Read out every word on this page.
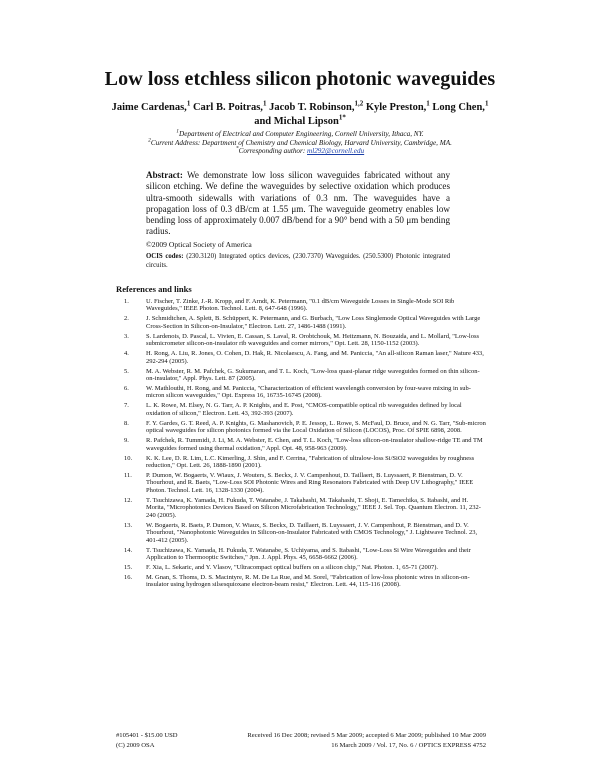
Low loss etchless silicon photonic waveguides
Jaime Cardenas,$^1$ Carl B. Poitras,$^1$ Jacob T. Robinson,$^{1,2}$ Kyle Preston,$^1$ Long Chen,$^1$ and Michal Lipson$^{1*}$
$^1$Department of Electrical and Computer Engineering, Cornell University, Ithaca, NY.
$^2$Current Address: Department of Chemistry and Chemical Biology, Harvard University, Cambridge, MA.
*Corresponding author: ml292@cornell.edu
Abstract: We demonstrate low loss silicon waveguides fabricated without any silicon etching. We define the waveguides by selective oxidation which produces ultra-smooth sidewalls with variations of 0.3 nm. The waveguides have a propagation loss of 0.3 dB/cm at 1.55 μm. The waveguide geometry enables low bending loss of approximately 0.007 dB/bend for a 90° bend with a 50 μm bending radius.
©2009 Optical Society of America
OCIS codes: (230.3120) Integrated optics devices, (230.7370) Waveguides. (250.5300) Photonic integrated circuits.
References and links
1.	U. Fischer, T. Zinke, J.-R. Kropp, and F. Arndt, K. Petermann, "0.1 dB/cm Waveguide Losses in Single-Mode SOI Rib Waveguides," IEEE Photon. Technol. Lett. 8, 647-648 (1996).
2.	J. Schmidtchen, A. Splett, B. Schüppert, K. Petermann, and G. Burbach, "Low Loss Singlemode Optical Waveguides with Large Cross-Section in Silicon-on-Insulator," Electron. Lett. 27, 1486-1488 (1991).
3.	S. Lardenois, D. Pascal, L. Vivien, E. Cassan, S. Laval, R. Orobtchouk, M. Heitzmann, N. Bouzaida, and L. Mollard, "Low-loss submicrometer silicon-on-insulator rib waveguides and corner mirrors," Opt. Lett. 28, 1150-1152 (2003).
4.	H. Rong, A. Liu, R. Jones, O. Cohen, D. Hak, R. Nicolaescu, A. Fang, and M. Paniccia, "An all-silicon Raman laser," Nature 433, 292-294 (2005).
5.	M. A. Webster, R. M. Pafchek, G. Sukumaran, and T. L. Koch, "Low-loss quasi-planar ridge waveguides formed on thin silicon-on-insulator," Appl. Phys. Lett. 87 (2005).
6.	W. Mathlouthi, H. Rong, and M. Paniccia, "Characterization of efficient wavelength conversion by four-wave mixing in sub-micron silicon waveguides," Opt. Express 16, 16735-16745 (2008).
7.	L. K. Rowe, M. Elsey, N. G. Tarr, A. P. Knights, and E. Post, "CMOS-compatible optical rib waveguides defined by local oxidation of silicon," Electron. Lett. 43, 392-393 (2007).
8.	F. Y. Gardes, G. T. Reed, A. P. Knights, G. Mashanovich, P. E. Jessop, L. Rowe, S. McFaul, D. Bruce, and N. G. Tarr, "Sub-micron optical waveguides for silicon photonics formed via the Local Oxidation of Silicon (LOCOS), Proc. Of SPIE 6898, 2008.
9.	R. Pafchek, R. Tummidi, J. Li, M. A. Webster, E. Chen, and T. L. Koch, "Low-loss silicon-on-insulator shallow-ridge TE and TM waveguides formed using thermal oxidation," Appl. Opt. 48, 958-963 (2009).
10. K. K. Lee, D. R. Lim, L.C. Kimerling, J. Shin, and F. Cerrina, "Fabrication of ultralow-loss Si/SiO2 waveguides by roughness reduction," Opt. Lett. 26, 1888-1890 (2001).
11. P. Dumon, W. Bogaerts, V. Wiaux, J. Wouters, S. Beckx, J. V. Campenhout, D. Taillaert, B. Luyssaert, P. Bienstman, D. V. Thourhout, and R. Baets, "Low-Loss SOI Photonic Wires and Ring Resonators Fabricated with Deep UV Lithography," IEEE Photon. Technol. Lett. 16, 1328-1330 (2004).
12. T. Tsuchizawa, K. Yamada, H. Fukuda, T. Watanabe, J. Takahashi, M. Takahashi, T. Shoji, E. Tamechika, S. Itabashi, and H. Morita, "Microphotonics Devices Based on Silicon Microfabrication Technology," IEEE J. Sel. Top. Quantum Electron. 11, 232-240 (2005).
13. W. Bogaerts, R. Baets, P. Dumon, V. Wiaux, S. Beckx, D. Taillaert, B. Luyssaert, J. V. Campenhout, P. Bienstman, and D. V. Thourhout, "Nanophotonic Waveguides in Silicon-on-Insulator Fabricated with CMOS Technology," J. Lightwave Technol. 23, 401-412 (2005).
14. T. Tsuchizawa, K. Yamada, H. Fukuda, T. Watanabe, S. Uchiyama, and S. Itabashi, "Low-Loss Si Wire Waveguides and their Application to Thermooptic Switches," Jpn. J. Appl. Phys. 45, 6658-6662 (2006).
15. F. Xia, L. Sekaric, and Y. Vlasov, "Ultracompact optical buffers on a silicon chip," Nat. Photon. 1, 65-71 (2007).
16. M. Gnan, S. Thoms, D. S. Macintyre, R. M. De La Rue, and M. Sorel, "Fabrication of low-loss photonic wires in silicon-on-insulator using hydrogen silsesquioxane electron-beam resist," Electron. Lett. 44, 115-116 (2008).
#105401 - $15.00 USD	Received 16 Dec 2008; revised 5 Mar 2009; accepted 6 Mar 2009; published 10 Mar 2009
(C) 2009 OSA	16 March 2009 / Vol. 17, No. 6 / OPTICS EXPRESS 4752
